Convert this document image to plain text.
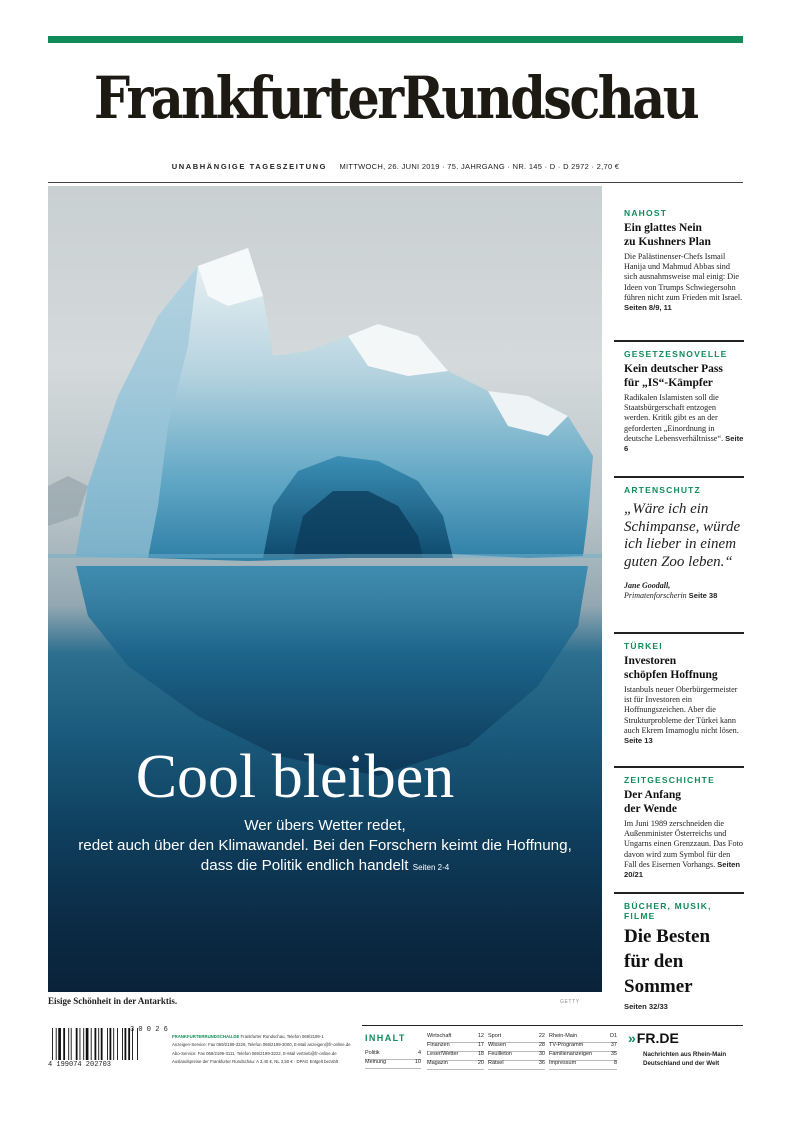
FrankfurterRundschau
UNABHÄNGIGE TAGESZEITUNG MITTWOCH, 26. JUNI 2019 · 75. JAHRGANG · NR. 145 · D · D 2972 · 2,70 €
Cool bleiben
Wer übers Wetter redet,
redet auch über den Klimawandel. Bei den Forschern keimt die Hoffnung,
dass die Politik endlich handelt Seiten 2-4
Eisige Schönheit in der Antarktis.	GETTY
NAHOST
Ein glattes Nein
zu Kushners Plan
Die Palästinenser-Chefs Ismail Hanija und Mahmud Abbas sind sich ausnahmsweise mal einig: Die Ideen von Trumps Schwiegersohn führen nicht zum Frieden mit Israel. Seiten 8/9, 11
GESETZESNOVELLE
Kein deutscher Pass
für „IS“-Kämpfer
Radikalen Islamisten soll die Staatsbürgerschaft entzogen werden. Kritik gibt es an der geforderten „Einordnung in deutsche Lebensverhältnisse“. Seite 6
ARTENSCHUTZ
„Wäre ich ein Schimpanse, würde ich lieber in einem guten Zoo leben.“
Jane Goodall,
Primatenforscherin Seite 38
TÜRKEI
Investoren
schöpfen Hoffnung
Istanbuls neuer Oberbürgermeister ist für Investoren ein Hoffnungszeichen. Aber die Strukturprobleme der Türkei kann auch Ekrem Imamoglu nicht lösen. Seite 13
ZEITGESCHICHTE
Der Anfang
der Wende
Im Juni 1989 zerschneiden die Außenminister Österreichs und Ungarns einen Grenzzaun. Das Foto davon wird zum Symbol für den Fall des Eisernen Vorhangs. Seiten 20/21
BÜCHER, MUSIK, FILME
Die Besten
für den
Sommer
Seiten 32/33
3 0 0 2 6
4 199074 202703
FRANKFURTERRUNDSCHAU.DE Frankfurter Rundschau, Telefon 069/2199-1
Anzeigen-Service: Fax 069/2199-3229, Telefon 069/2199-3000, E-Mail anzeigen@fr-online.de
Abo-Service: Fax 069/2199-3111, Telefon 069/2199-3222, E-Mail vertrieb@fr-online.de
Auslandspreise der Frankfurter Rundschau: A 3,40 €, NL 3,50 € · DPAG Entgelt bezahlt
INHALT
Politik	4
Meinung	10
Wirtschaft	12
Finanzen	17
Leser/Wetter	18
Magazin	20
Sport	22
Wissen	28
Feuilleton	30
Rätsel	36
Rhein-Main	D1
TV-Programm	37
Familienanzeigen	35
Impressum	8
»FR.DE
Nachrichten aus Rhein-Main Deutschland und der Welt
